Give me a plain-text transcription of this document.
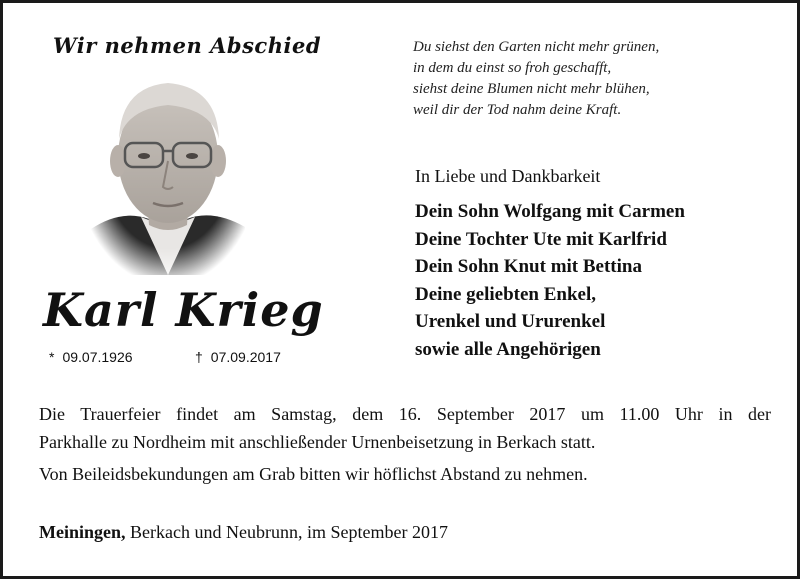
Wir nehmen Abschied
Karl Krieg
* 09.07.1926	† 07.09.2017
Du siehst den Garten nicht mehr grünen,
in dem du einst so froh geschafft,
siehst deine Blumen nicht mehr blühen,
weil dir der Tod nahm deine Kraft.
In Liebe und Dankbarkeit
Dein Sohn Wolfgang mit Carmen
Deine Tochter Ute mit Karlfrid
Dein Sohn Knut mit Bettina
Deine geliebten Enkel,
Urenkel und Ururenkel
sowie alle Angehörigen

Die Trauerfeier findet am Samstag, dem 16. September 2017 um 11.00 Uhr in der

Parkhalle zu Nordheim mit anschließender Urnenbeisetzung in Berkach statt.

Von Beileidsbekundungen am Grab bitten wir höflichst Abstand zu nehmen.

Meiningen, Berkach und Neubrunn, im September 2017
